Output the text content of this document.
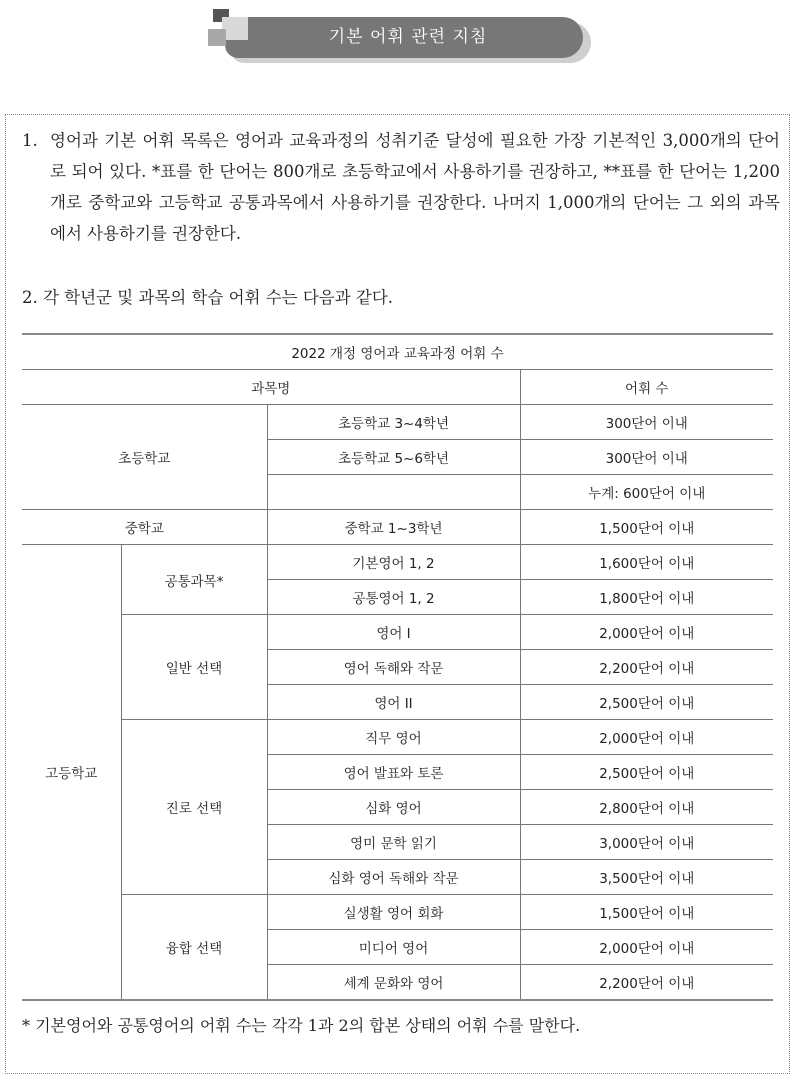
기본 어휘 관련 지침
1. 영어과 기본 어휘 목록은 영어과 교육과정의 성취기준 달성에 필요한 가장 기본적인 3,000개의 단어로 되어 있다. *표를 한 단어는 800개로 초등학교에서 사용하기를 권장하고, **표를 한 단어는 1,200개로 중학교와 고등학교 공통과목에서 사용하기를 권장한다. 나머지 1,000개의 단어는 그 외의 과목에서 사용하기를 권장한다.
2. 각 학년군 및 과목의 학습 어휘 수는 다음과 같다.
2022 개정 영어과 교육과정 어휘 수			
과목명			어휘 수
초등학교		초등학교 3~4학년	300단어 이내
		초등학교 5~6학년	300단어 이내
			누계: 600단어 이내
중학교		중학교 1~3학년	1,500단어 이내
고등학교	공통과목*	기본영어 1, 2	1,600단어 이내
		공통영어 1, 2	1,800단어 이내
	일반 선택	영어 I	2,000단어 이내
		영어 독해와 작문	2,200단어 이내
		영어 II	2,500단어 이내
	진로 선택	직무 영어	2,000단어 이내
		영어 발표와 토론	2,500단어 이내
		심화 영어	2,800단어 이내
		영미 문학 읽기	3,000단어 이내
		심화 영어 독해와 작문	3,500단어 이내
	융합 선택	실생활 영어 회화	1,500단어 이내
		미디어 영어	2,000단어 이내
		세계 문화와 영어	2,200단어 이내
* 기본영어와 공통영어의 어휘 수는 각각 1과 2의 합본 상태의 어휘 수를 말한다.
